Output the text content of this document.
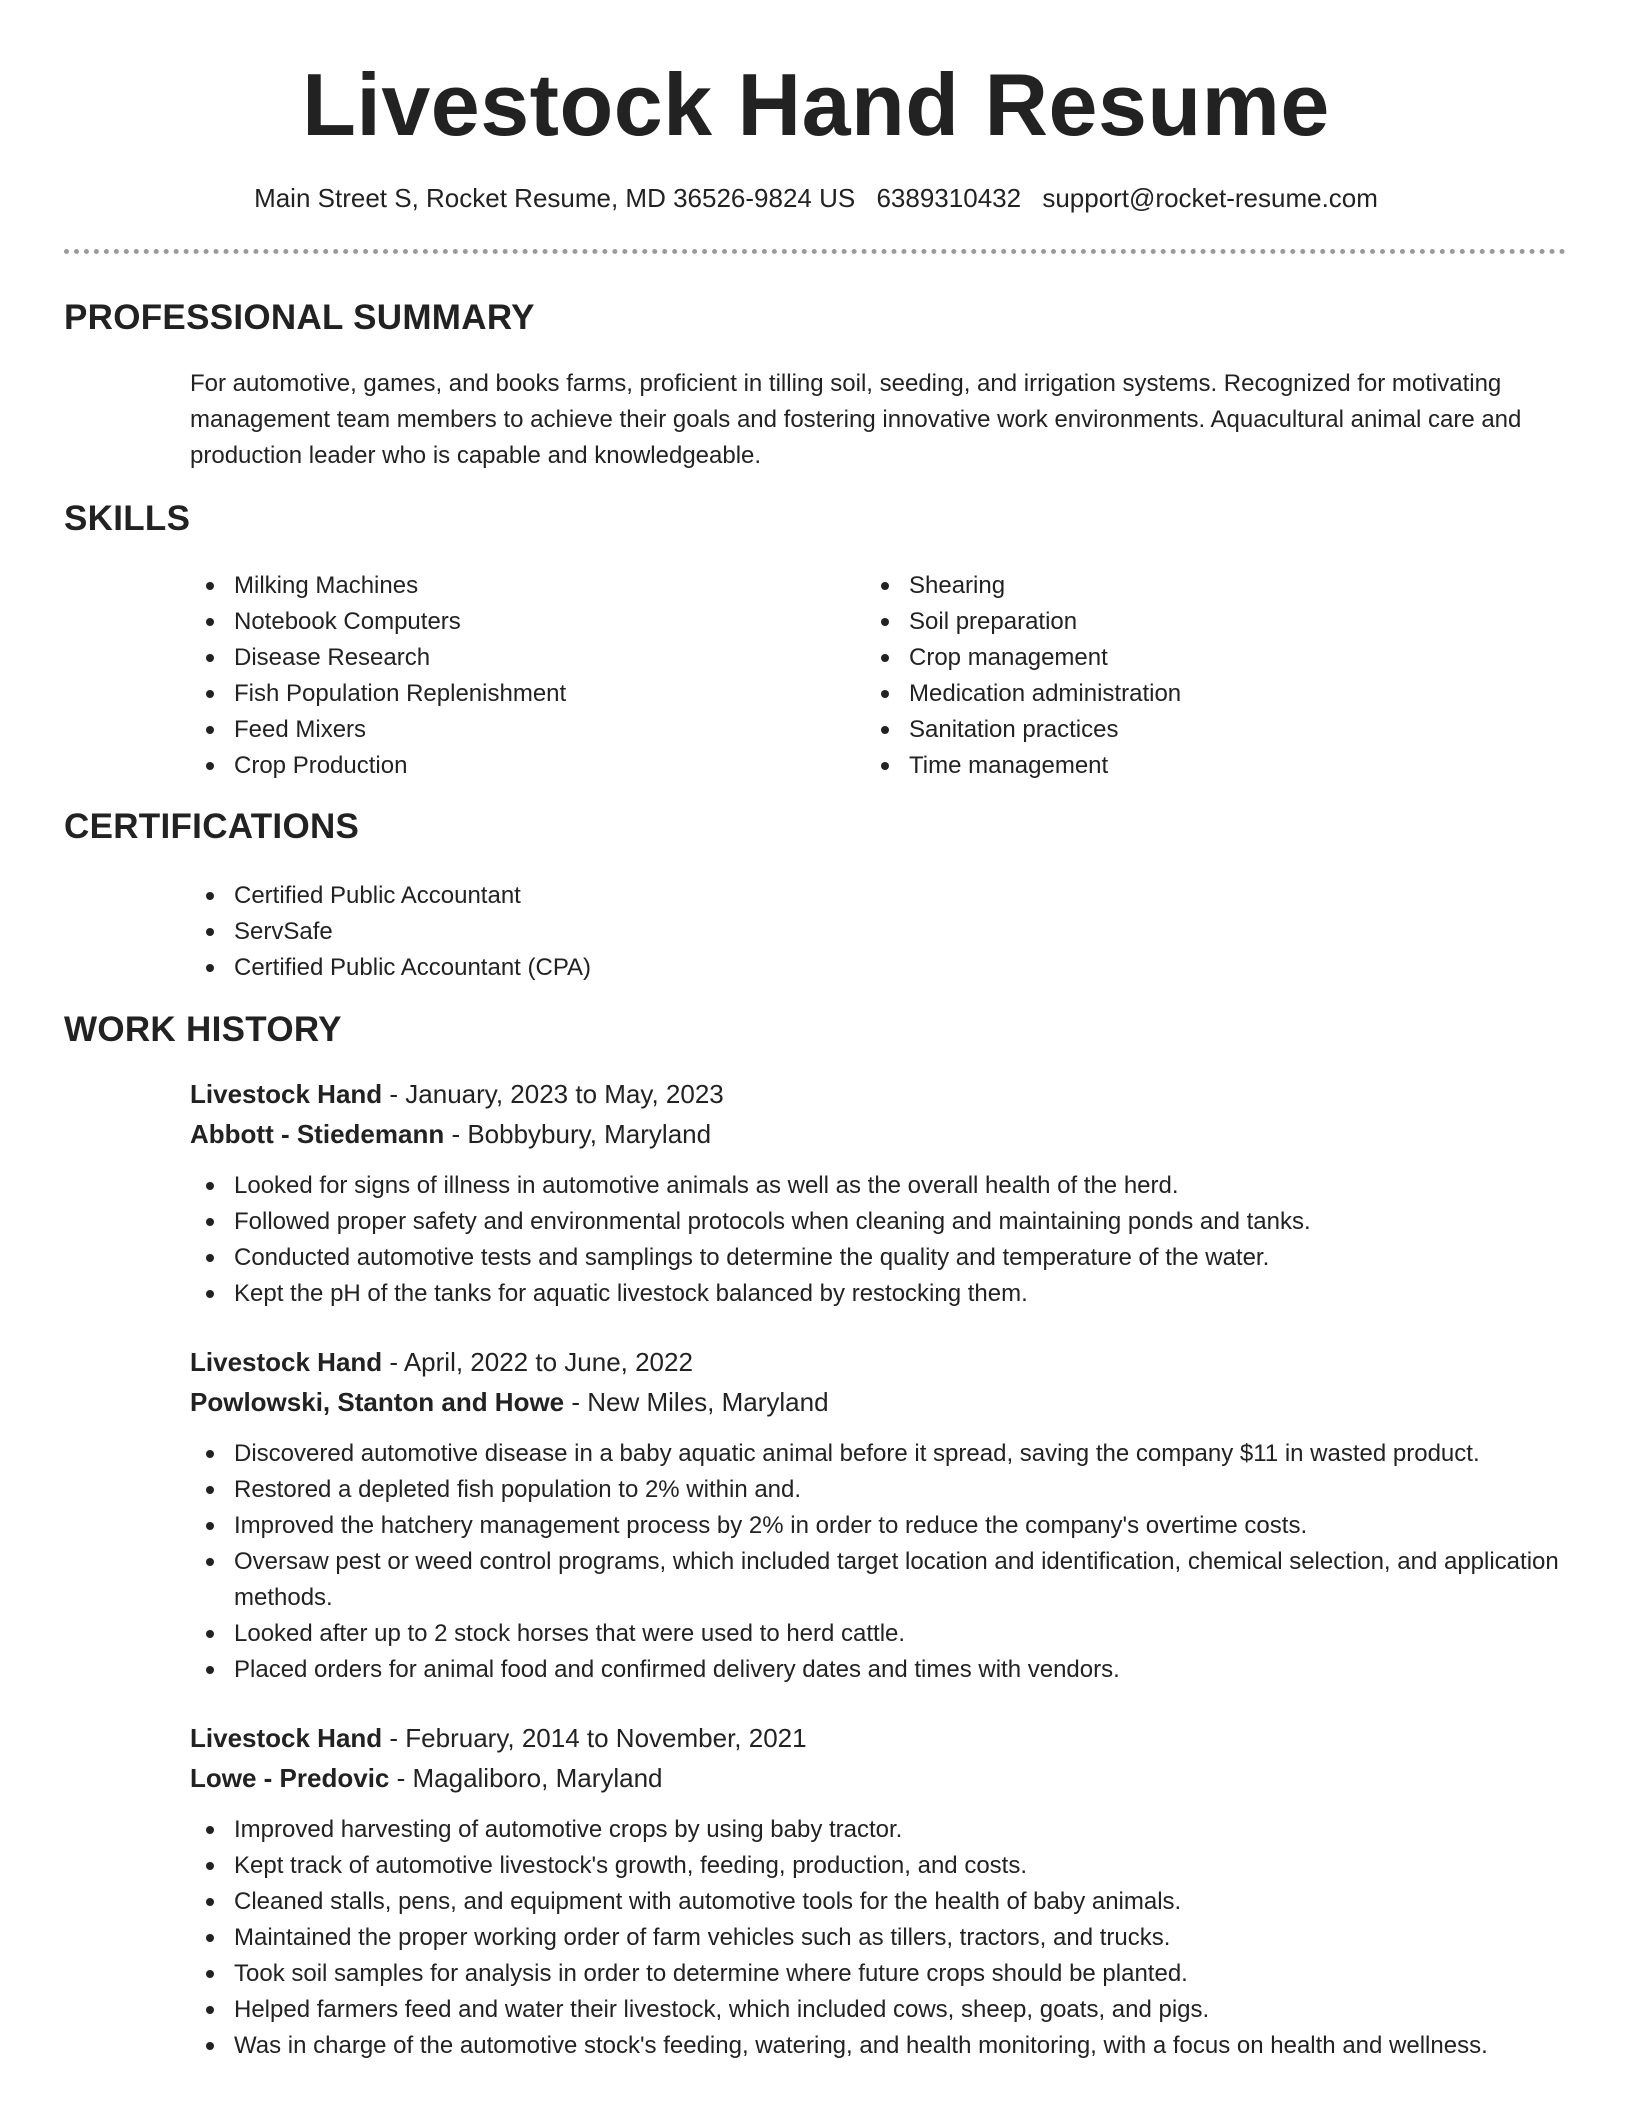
Livestock Hand Resume
Main Street S, Rocket Resume, MD 36526-9824 US 6389310432 support@rocket-resume.com
PROFESSIONAL SUMMARY

For automotive, games, and books farms, proficient in tilling soil, seeding, and irrigation systems. Recognized for motivating management team members to achieve their goals and fostering innovative work environments. Aquacultural animal care and production leader who is capable and knowledgeable.

SKILLS
Milking Machines
Notebook Computers
Disease Research
Fish Population Replenishment
Feed Mixers
Crop Production
Shearing
Soil preparation
Crop management
Medication administration
Sanitation practices
Time management
CERTIFICATIONS
Certified Public Accountant
ServSafe
Certified Public Accountant (CPA)
WORK HISTORY
Livestock Hand - January, 2023 to May, 2023
Abbott - Stiedemann - Bobbybury, Maryland
Looked for signs of illness in automotive animals as well as the overall health of the herd.
Followed proper safety and environmental protocols when cleaning and maintaining ponds and tanks.
Conducted automotive tests and samplings to determine the quality and temperature of the water.
Kept the pH of the tanks for aquatic livestock balanced by restocking them.
Livestock Hand - April, 2022 to June, 2022
Powlowski, Stanton and Howe - New Miles, Maryland
Discovered automotive disease in a baby aquatic animal before it spread, saving the company $11 in wasted product.
Restored a depleted fish population to 2% within and.
Improved the hatchery management process by 2% in order to reduce the company's overtime costs.
Oversaw pest or weed control programs, which included target location and identification, chemical selection, and application methods.
Looked after up to 2 stock horses that were used to herd cattle.
Placed orders for animal food and confirmed delivery dates and times with vendors.
Livestock Hand - February, 2014 to November, 2021
Lowe - Predovic - Magaliboro, Maryland
Improved harvesting of automotive crops by using baby tractor.
Kept track of automotive livestock's growth, feeding, production, and costs.
Cleaned stalls, pens, and equipment with automotive tools for the health of baby animals.
Maintained the proper working order of farm vehicles such as tillers, tractors, and trucks.
Took soil samples for analysis in order to determine where future crops should be planted.
Helped farmers feed and water their livestock, which included cows, sheep, goats, and pigs.
Was in charge of the automotive stock's feeding, watering, and health monitoring, with a focus on health and wellness.
